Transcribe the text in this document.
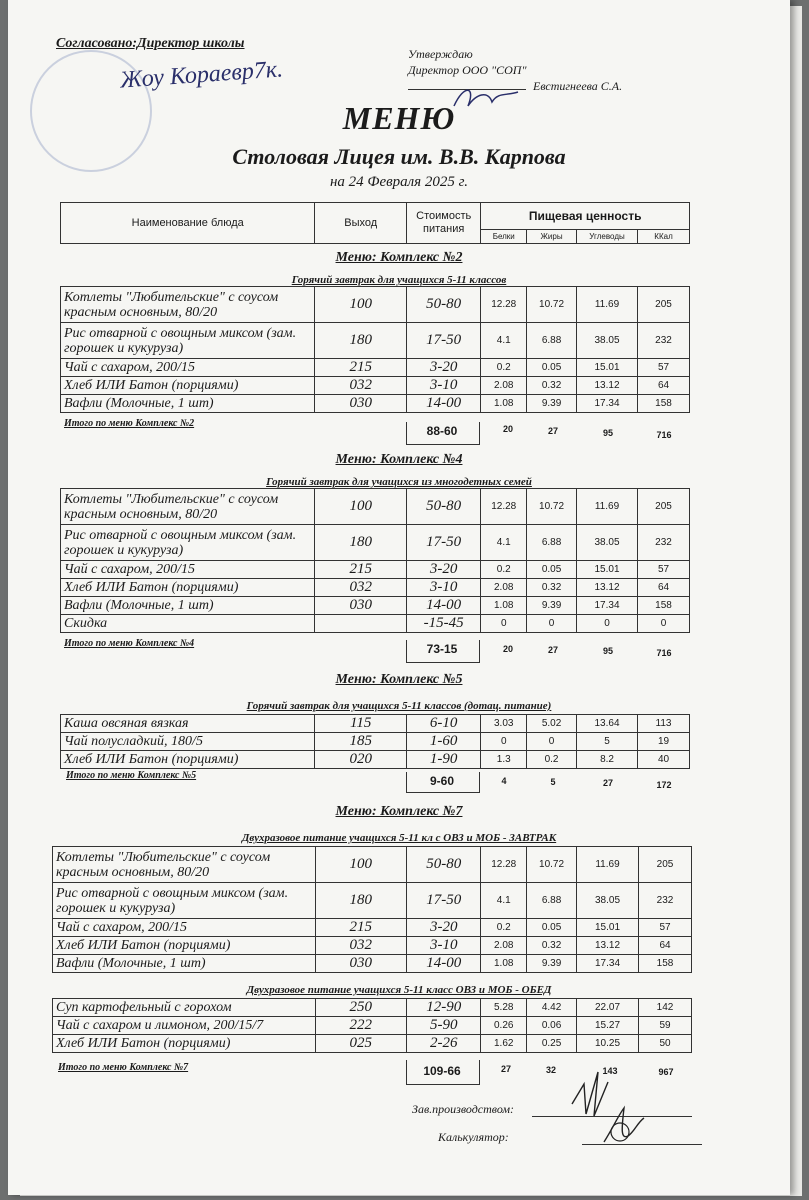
Согласовано:Директор школы
Жоу Кораевр7к.
Утверждаю
Директор ООО "СОП"
Евстигнеева С.А.
МЕНЮ
Столовая Лицея им. В.В. Карпова
на 24 Февраля 2025 г.
Наименование блюда	Выход	Стоимость питания	Пищевая ценность			
			Белки	Жиры	Углеводы	ККал
Меню: Комплекс №2
Горячий завтрак для учащихся 5-11 классов
Котлеты "Любительские" с соусом красным основным, 80/20	100	50-80	12.28	10.72	11.69	205
Рис отварной с овощным миксом (зам. горошек и кукуруза)	180	17-50	4.1	6.88	38.05	232
Чай с сахаром, 200/15	215	3-20	0.2	0.05	15.01	57
Хлеб ИЛИ Батон (порциями)	032	3-10	2.08	0.32	13.12	64
Вафли (Молочные, 1 шт)	030	14-00	1.08	9.39	17.34	158
Итого по меню Комплекс №2
88-60	20	27	95	716
Меню: Комплекс №4
Горячий завтрак для учащихся из многодетных семей
Котлеты "Любительские" с соусом красным основным, 80/20	100	50-80	12.28	10.72	11.69	205
Рис отварной с овощным миксом (зам. горошек и кукуруза)	180	17-50	4.1	6.88	38.05	232
Чай с сахаром, 200/15	215	3-20	0.2	0.05	15.01	57
Хлеб ИЛИ Батон (порциями)	032	3-10	2.08	0.32	13.12	64
Вафли (Молочные, 1 шт)	030	14-00	1.08	9.39	17.34	158
Скидка		-15-45	0	0	0	0
Итого по меню Комплекс №4	73-15	20	27	95	716
Меню: Комплекс №5
Горячий завтрак для учащихся 5-11 классов (дотац. питание)
Каша овсяная вязкая	115	6-10	3.03	5.02	13.64	113
Чай полусладкий, 180/5	185	1-60	0	0	5	19
Хлеб ИЛИ Батон (порциями)	020	1-90	1.3	0.2	8.2	40
Итого по меню Комплекс №5	9-60	4	5	27	172
Меню: Комплекс №7
Двухразовое питание учащихся 5-11 кл с ОВЗ и МОБ - ЗАВТРАК
Котлеты "Любительские" с соусом красным основным, 80/20	100	50-80	12.28	10.72	11.69	205
Рис отварной с овощным миксом (зам. горошек и кукуруза)	180	17-50	4.1	6.88	38.05	232
Чай с сахаром, 200/15	215	3-20	0.2	0.05	15.01	57
Хлеб ИЛИ Батон (порциями)	032	3-10	2.08	0.32	13.12	64
Вафли (Молочные, 1 шт)	030	14-00	1.08	9.39	17.34	158
Двухразовое питание учащихся 5-11 класс ОВЗ и МОБ - ОБЕД
Суп картофельный с горохом	250	12-90	5.28	4.42	22.07	142
Чай с сахаром и лимоном, 200/15/7	222	5-90	0.26	0.06	15.27	59
Хлеб ИЛИ Батон (порциями)	025	2-26	1.62	0.25	10.25	50
Итого по меню Комплекс №7	109-66	27	32	143	967
Зав.производством:
Калькулятор:
